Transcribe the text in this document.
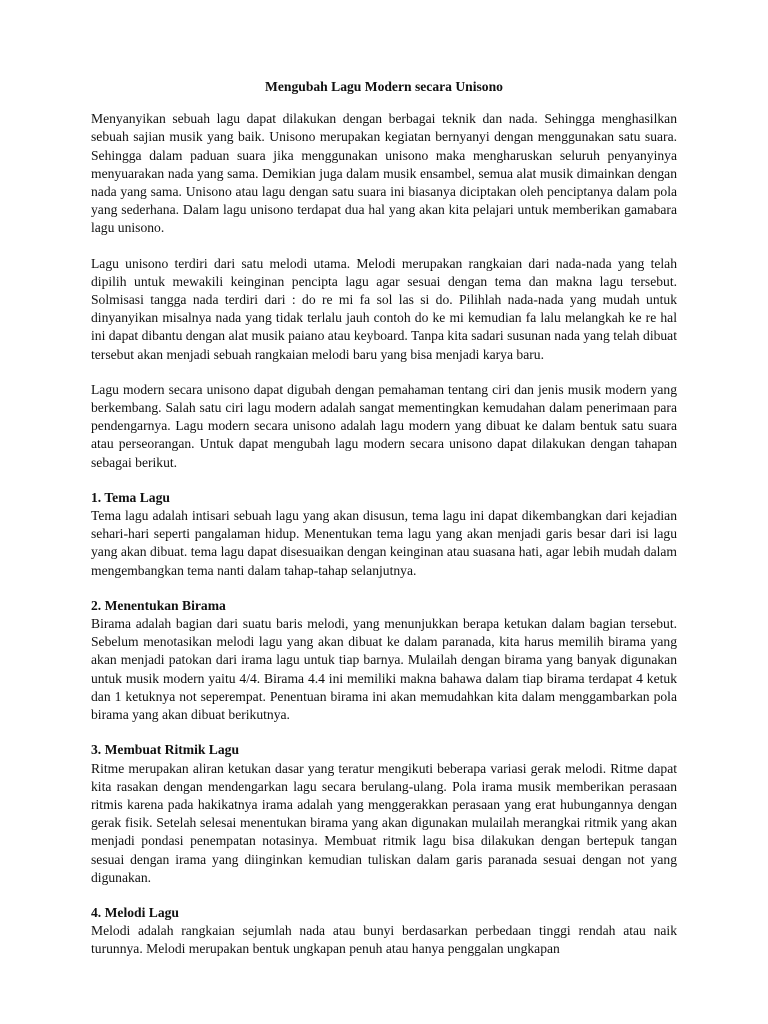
Mengubah Lagu Modern secara Unisono

Menyanyikan sebuah lagu dapat dilakukan dengan berbagai teknik dan nada. Sehingga menghasilkan sebuah sajian musik yang baik. Unisono merupakan kegiatan bernyanyi dengan menggunakan satu suara. Sehingga dalam paduan suara jika menggunakan unisono maka mengharuskan seluruh penyanyinya menyuarakan nada yang sama. Demikian juga dalam musik ensambel, semua alat musik dimainkan dengan nada yang sama. Unisono atau lagu dengan satu suara ini biasanya diciptakan oleh penciptanya dalam pola yang sederhana. Dalam lagu unisono terdapat dua hal yang akan kita pelajari untuk memberikan gamabara lagu unisono.

Lagu unisono terdiri dari satu melodi utama. Melodi merupakan rangkaian dari nada-nada yang telah dipilih untuk mewakili keinginan pencipta lagu agar sesuai dengan tema dan makna lagu tersebut. Solmisasi tangga nada terdiri dari : do re mi fa sol las si do. Pilihlah nada-nada yang mudah untuk dinyanyikan misalnya nada yang tidak terlalu jauh contoh do ke mi kemudian fa lalu melangkah ke re hal ini dapat dibantu dengan alat musik paiano atau keyboard. Tanpa kita sadari susunan nada yang telah dibuat tersebut akan menjadi sebuah rangkaian melodi baru yang bisa menjadi karya baru.

Lagu modern secara unisono dapat digubah dengan pemahaman tentang ciri dan jenis musik modern yang berkembang. Salah satu ciri lagu modern adalah sangat mementingkan kemudahan dalam penerimaan para pendengarnya. Lagu modern secara unisono adalah lagu modern yang dibuat ke dalam bentuk satu suara atau perseorangan. Untuk dapat mengubah lagu modern secara unisono dapat dilakukan dengan tahapan sebagai berikut.

1. Tema Lagu

Tema lagu adalah intisari sebuah lagu yang akan disusun, tema lagu ini dapat dikembangkan dari kejadian sehari-hari seperti pangalaman hidup. Menentukan tema lagu yang akan menjadi garis besar dari isi lagu yang akan dibuat. tema lagu dapat disesuaikan dengan keinginan atau suasana hati, agar lebih mudah dalam mengembangkan tema nanti dalam tahap-tahap selanjutnya.

2. Menentukan Birama

Birama adalah bagian dari suatu baris melodi, yang menunjukkan berapa ketukan dalam bagian tersebut. Sebelum menotasikan melodi lagu yang akan dibuat ke dalam paranada, kita harus memilih birama yang akan menjadi patokan dari irama lagu untuk tiap barnya. Mulailah dengan birama yang banyak digunakan untuk musik modern yaitu 4/4. Birama 4.4 ini memiliki makna bahawa dalam tiap birama terdapat 4 ketuk dan 1 ketuknya not seperempat. Penentuan birama ini akan memudahkan kita dalam menggambarkan pola birama yang akan dibuat berikutnya.

3. Membuat Ritmik Lagu

Ritme merupakan aliran ketukan dasar yang teratur mengikuti beberapa variasi gerak melodi. Ritme dapat kita rasakan dengan mendengarkan lagu secara berulang-ulang. Pola irama musik memberikan perasaan ritmis karena pada hakikatnya irama adalah yang menggerakkan perasaan yang erat hubungannya dengan gerak fisik. Setelah selesai menentukan birama yang akan digunakan mulailah merangkai ritmik yang akan menjadi pondasi penempatan notasinya. Membuat ritmik lagu bisa dilakukan dengan bertepuk tangan sesuai dengan irama yang diinginkan kemudian tuliskan dalam garis paranada sesuai dengan not yang digunakan.

4. Melodi Lagu

Melodi adalah rangkaian sejumlah nada atau bunyi berdasarkan perbedaan tinggi rendah atau naik turunnya. Melodi merupakan bentuk ungkapan penuh atau hanya penggalan ungkapan
